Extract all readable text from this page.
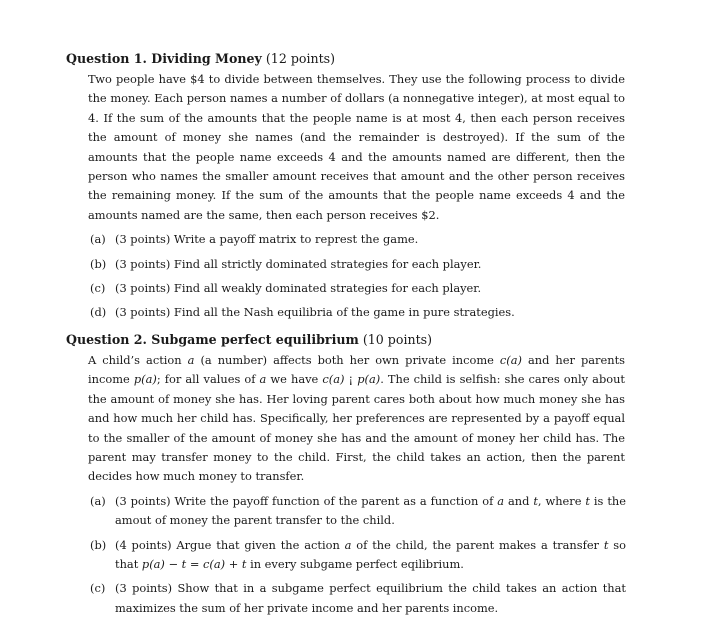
Question 1. Dividing Money (12 points)

Two people have $4 to divide between themselves. They use the following process to divide the money. Each person names a number of dollars (a nonnegative integer), at most equal to 4. If the sum of the amounts that the people name is at most 4, then each person receives the amount of money she names (and the remainder is destroyed). If the sum of the amounts that the people name exceeds 4 and the amounts named are different, then the person who names the smaller amount receives that amount and the other person receives the remaining money. If the sum of the amounts that the people name exceeds 4 and the amounts named are the same, then each person receives $2.

(a) (3 points) Write a payoff matrix to represt the game.
(b) (3 points) Find all strictly dominated strategies for each player.
(c) (3 points) Find all weakly dominated strategies for each player.
(d) (3 points) Find all the Nash equilibria of the game in pure strategies.
Question 2. Subgame perfect equilibrium (10 points)

A child’s action a (a number) affects both her own private income c(a) and her parents income p(a); for all values of a we have c(a) ¡ p(a). The child is selfish: she cares only about the amount of money she has. Her loving parent cares both about how much money she has and how much her child has. Specifically, her preferences are represented by a payoff equal to the smaller of the amount of money she has and the amount of money her child has. The parent may transfer money to the child. First, the child takes an action, then the parent decides how much money to transfer.

(a) (3 points) Write the payoff function of the parent as a function of a and t, where t is the amout of money the parent transfer to the child.
(b) (4 points) Argue that given the action a of the child, the parent makes a transfer t so that p(a) − t = c(a) + t in every subgame perfect eqilibrium.
(c) (3 points) Show that in a subgame perfect equilibrium the child takes an action that maximizes the sum of her private income and her parents income.
